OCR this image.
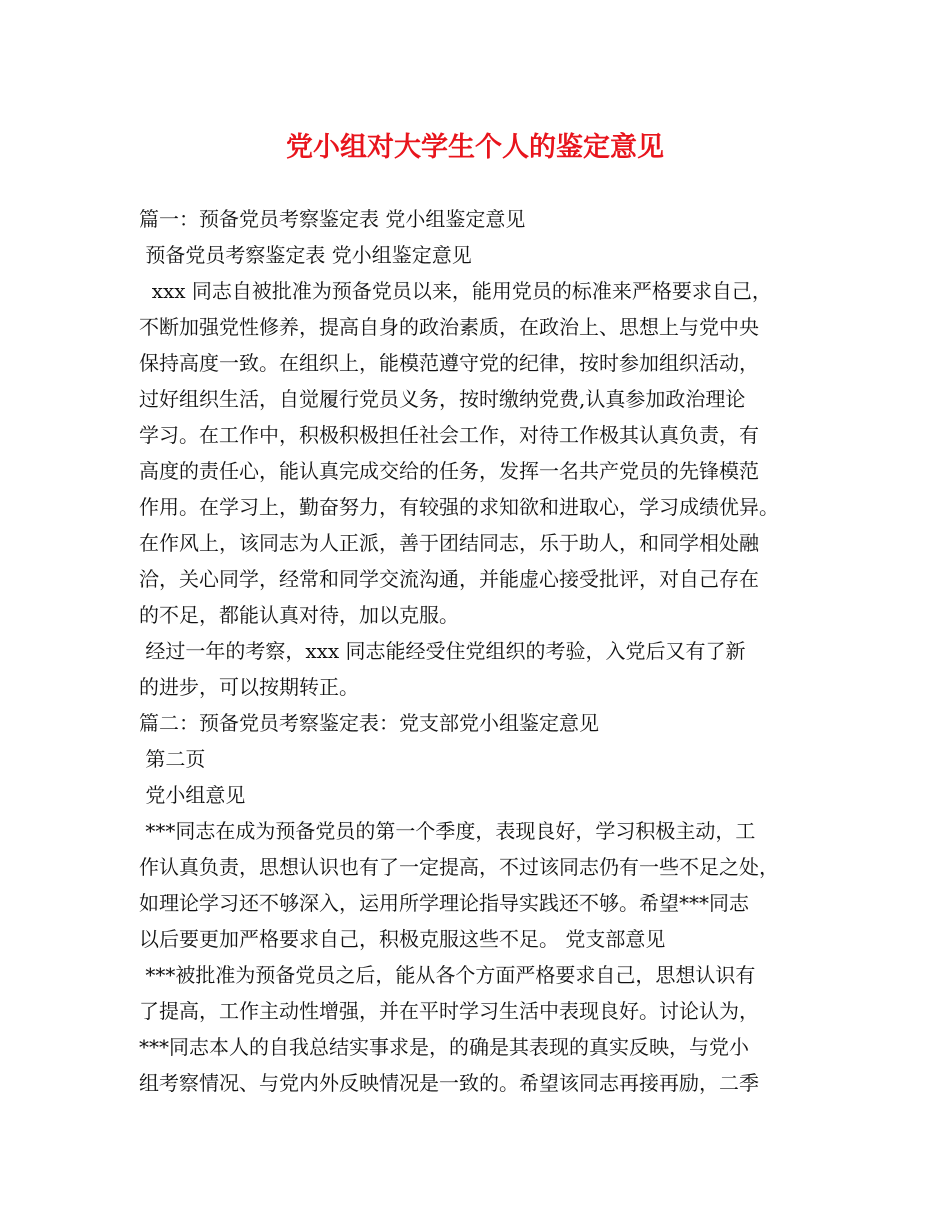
党小组对大学生个人的鉴定意见
篇一：预备党员考察鉴定表 党小组鉴定意见
预备党员考察鉴定表 党小组鉴定意见
xxx 同志自被批准为预备党员以来，能用党员的标准来严格要求自己，
不断加强党性修养，提高自身的政治素质，在政治上、思想上与党中央
保持高度一致。在组织上，能模范遵守党的纪律，按时参加组织活动，
过好组织生活，自觉履行党员义务，按时缴纳党费,认真参加政治理论
学习。在工作中，积极积极担任社会工作，对待工作极其认真负责，有
高度的责任心，能认真完成交给的任务，发挥一名共产党员的先锋模范
作用。在学习上，勤奋努力，有较强的求知欲和进取心，学习成绩优异。
在作风上，该同志为人正派，善于团结同志，乐于助人，和同学相处融
洽，关心同学，经常和同学交流沟通，并能虚心接受批评，对自己存在
的不足，都能认真对待，加以克服。
经过一年的考察，xxx 同志能经受住党组织的考验，入党后又有了新
的进步，可以按期转正。
篇二：预备党员考察鉴定表：党支部党小组鉴定意见
第二页
党小组意见
***同志在成为预备党员的第一个季度，表现良好，学习积极主动，工
作认真负责，思想认识也有了一定提高，不过该同志仍有一些不足之处，
如理论学习还不够深入，运用所学理论指导实践还不够。希望***同志
以后要更加严格要求自己，积极克服这些不足。 党支部意见
***被批准为预备党员之后，能从各个方面严格要求自己，思想认识有
了提高，工作主动性增强，并在平时学习生活中表现良好。讨论认为，
***同志本人的自我总结实事求是，的确是其表现的真实反映，与党小
组考察情况、与党内外反映情况是一致的。希望该同志再接再励，二季
